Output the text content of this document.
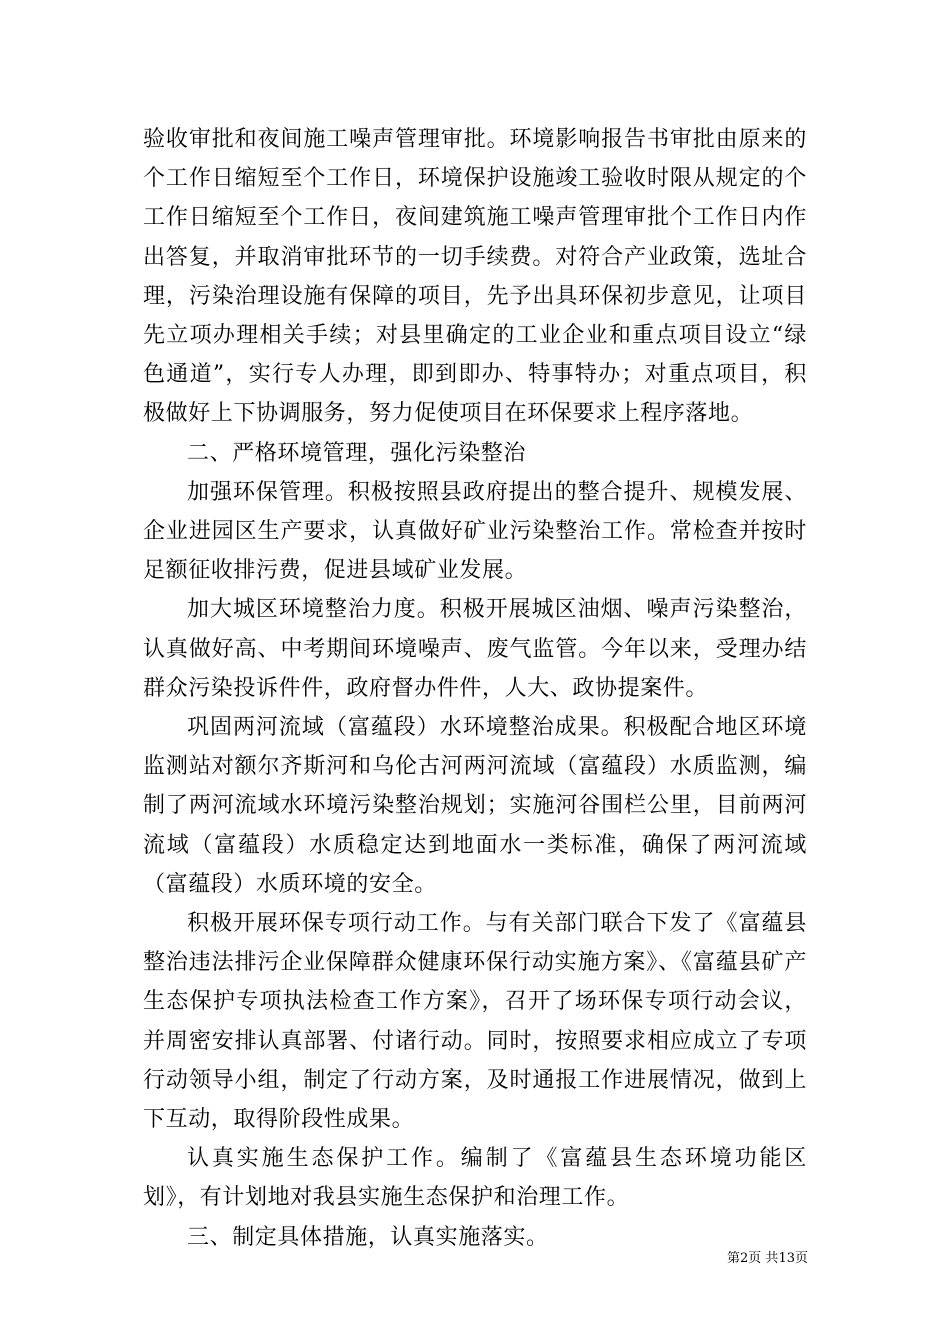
验收审批和夜间施工噪声管理审批。环境影响报告书审批由原来的个工作日缩短至个工作日，环境保护设施竣工验收时限从规定的个工作日缩短至个工作日，夜间建筑施工噪声管理审批个工作日内作出答复，并取消审批环节的一切手续费。对符合产业政策，选址合理，污染治理设施有保障的项目，先予出具环保初步意见，让项目先立项办理相关手续；对县里确定的工业企业和重点项目设立“绿色通道”，实行专人办理，即到即办、特事特办；对重点项目，积极做好上下协调服务，努力促使项目在环保要求上程序落地。

二、严格环境管理，强化污染整治

加强环保管理。积极按照县政府提出的整合提升、规模发展、企业进园区生产要求，认真做好矿业污染整治工作。常检查并按时足额征收排污费，促进县域矿业发展。

加大城区环境整治力度。积极开展城区油烟、噪声污染整治，认真做好高、中考期间环境噪声、废气监管。今年以来，受理办结群众污染投诉件件，政府督办件件，人大、政协提案件。

巩固两河流域（富蕴段）水环境整治成果。积极配合地区环境监测站对额尔齐斯河和乌伦古河两河流域（富蕴段）水质监测，编制了两河流域水环境污染整治规划；实施河谷围栏公里，目前两河流域（富蕴段）水质稳定达到地面水一类标准，确保了两河流域（富蕴段）水质环境的安全。

积极开展环保专项行动工作。与有关部门联合下发了《富蕴县整治违法排污企业保障群众健康环保行动实施方案》、《富蕴县矿产生态保护专项执法检查工作方案》，召开了场环保专项行动会议，并周密安排认真部署、付诸行动。同时，按照要求相应成立了专项行动领导小组，制定了行动方案，及时通报工作进展情况，做到上下互动，取得阶段性成果。

认真实施生态保护工作。编制了《富蕴县生态环境功能区划》，有计划地对我县实施生态保护和治理工作。

三、制定具体措施，认真实施落实。

第2页 共13页
